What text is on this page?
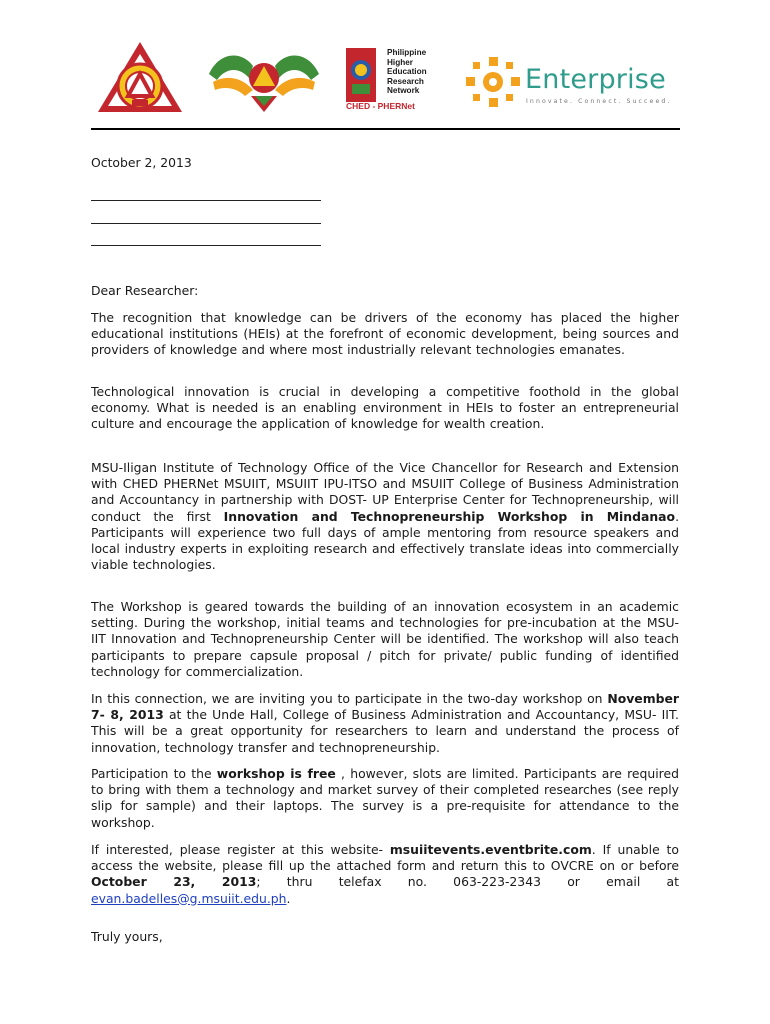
Philippine
Higher
Education
Research
Network
CHED - PHERNet
Enterprise
Innovate. Connect. Succeed.
October 2, 2013
Dear Researcher:

The recognition that knowledge can be drivers of the economy has placed the higher educational institutions (HEIs) at the forefront of economic development, being sources and providers of knowledge and where most industrially relevant technologies emanates.

Technological innovation is crucial in developing a competitive foothold in the global economy. What is needed is an enabling environment in HEIs to foster an entrepreneurial culture and encourage the application of knowledge for wealth creation.

MSU-Iligan Institute of Technology Office of the Vice Chancellor for Research and Extension with CHED PHERNet MSUIIT, MSUIIT IPU-ITSO and MSUIIT College of Business Administration and Accountancy in partnership with DOST- UP Enterprise Center for Technopreneurship, will conduct the first Innovation and Technopreneurship Workshop in Mindanao. Participants will experience two full days of ample mentoring from resource speakers and local industry experts in exploiting research and effectively translate ideas into commercially viable technologies.

The Workshop is geared towards the building of an innovation ecosystem in an academic setting. During the workshop, initial teams and technologies for pre-incubation at the MSU- IIT Innovation and Technopreneurship Center will be identified. The workshop will also teach participants to prepare capsule proposal / pitch for private/ public funding of identified technology for commercialization.

In this connection, we are inviting you to participate in the two-day workshop on November 7- 8, 2013 at the Unde Hall, College of Business Administration and Accountancy, MSU- IIT. This will be a great opportunity for researchers to learn and understand the process of innovation, technology transfer and technopreneurship.

Participation to the workshop is free , however, slots are limited. Participants are required to bring with them a technology and market survey of their completed researches (see reply slip for sample) and their laptops. The survey is a pre-requisite for attendance to the workshop.

If interested, please register at this website- msuiitevents.eventbrite.com. If unable to access the website, please fill up the attached form and return this to OVCRE on or before October 23, 2013; thru telefax no. 063-223-2343 or email at evan.badelles@g.msuiit.edu.ph.

Truly yours,
